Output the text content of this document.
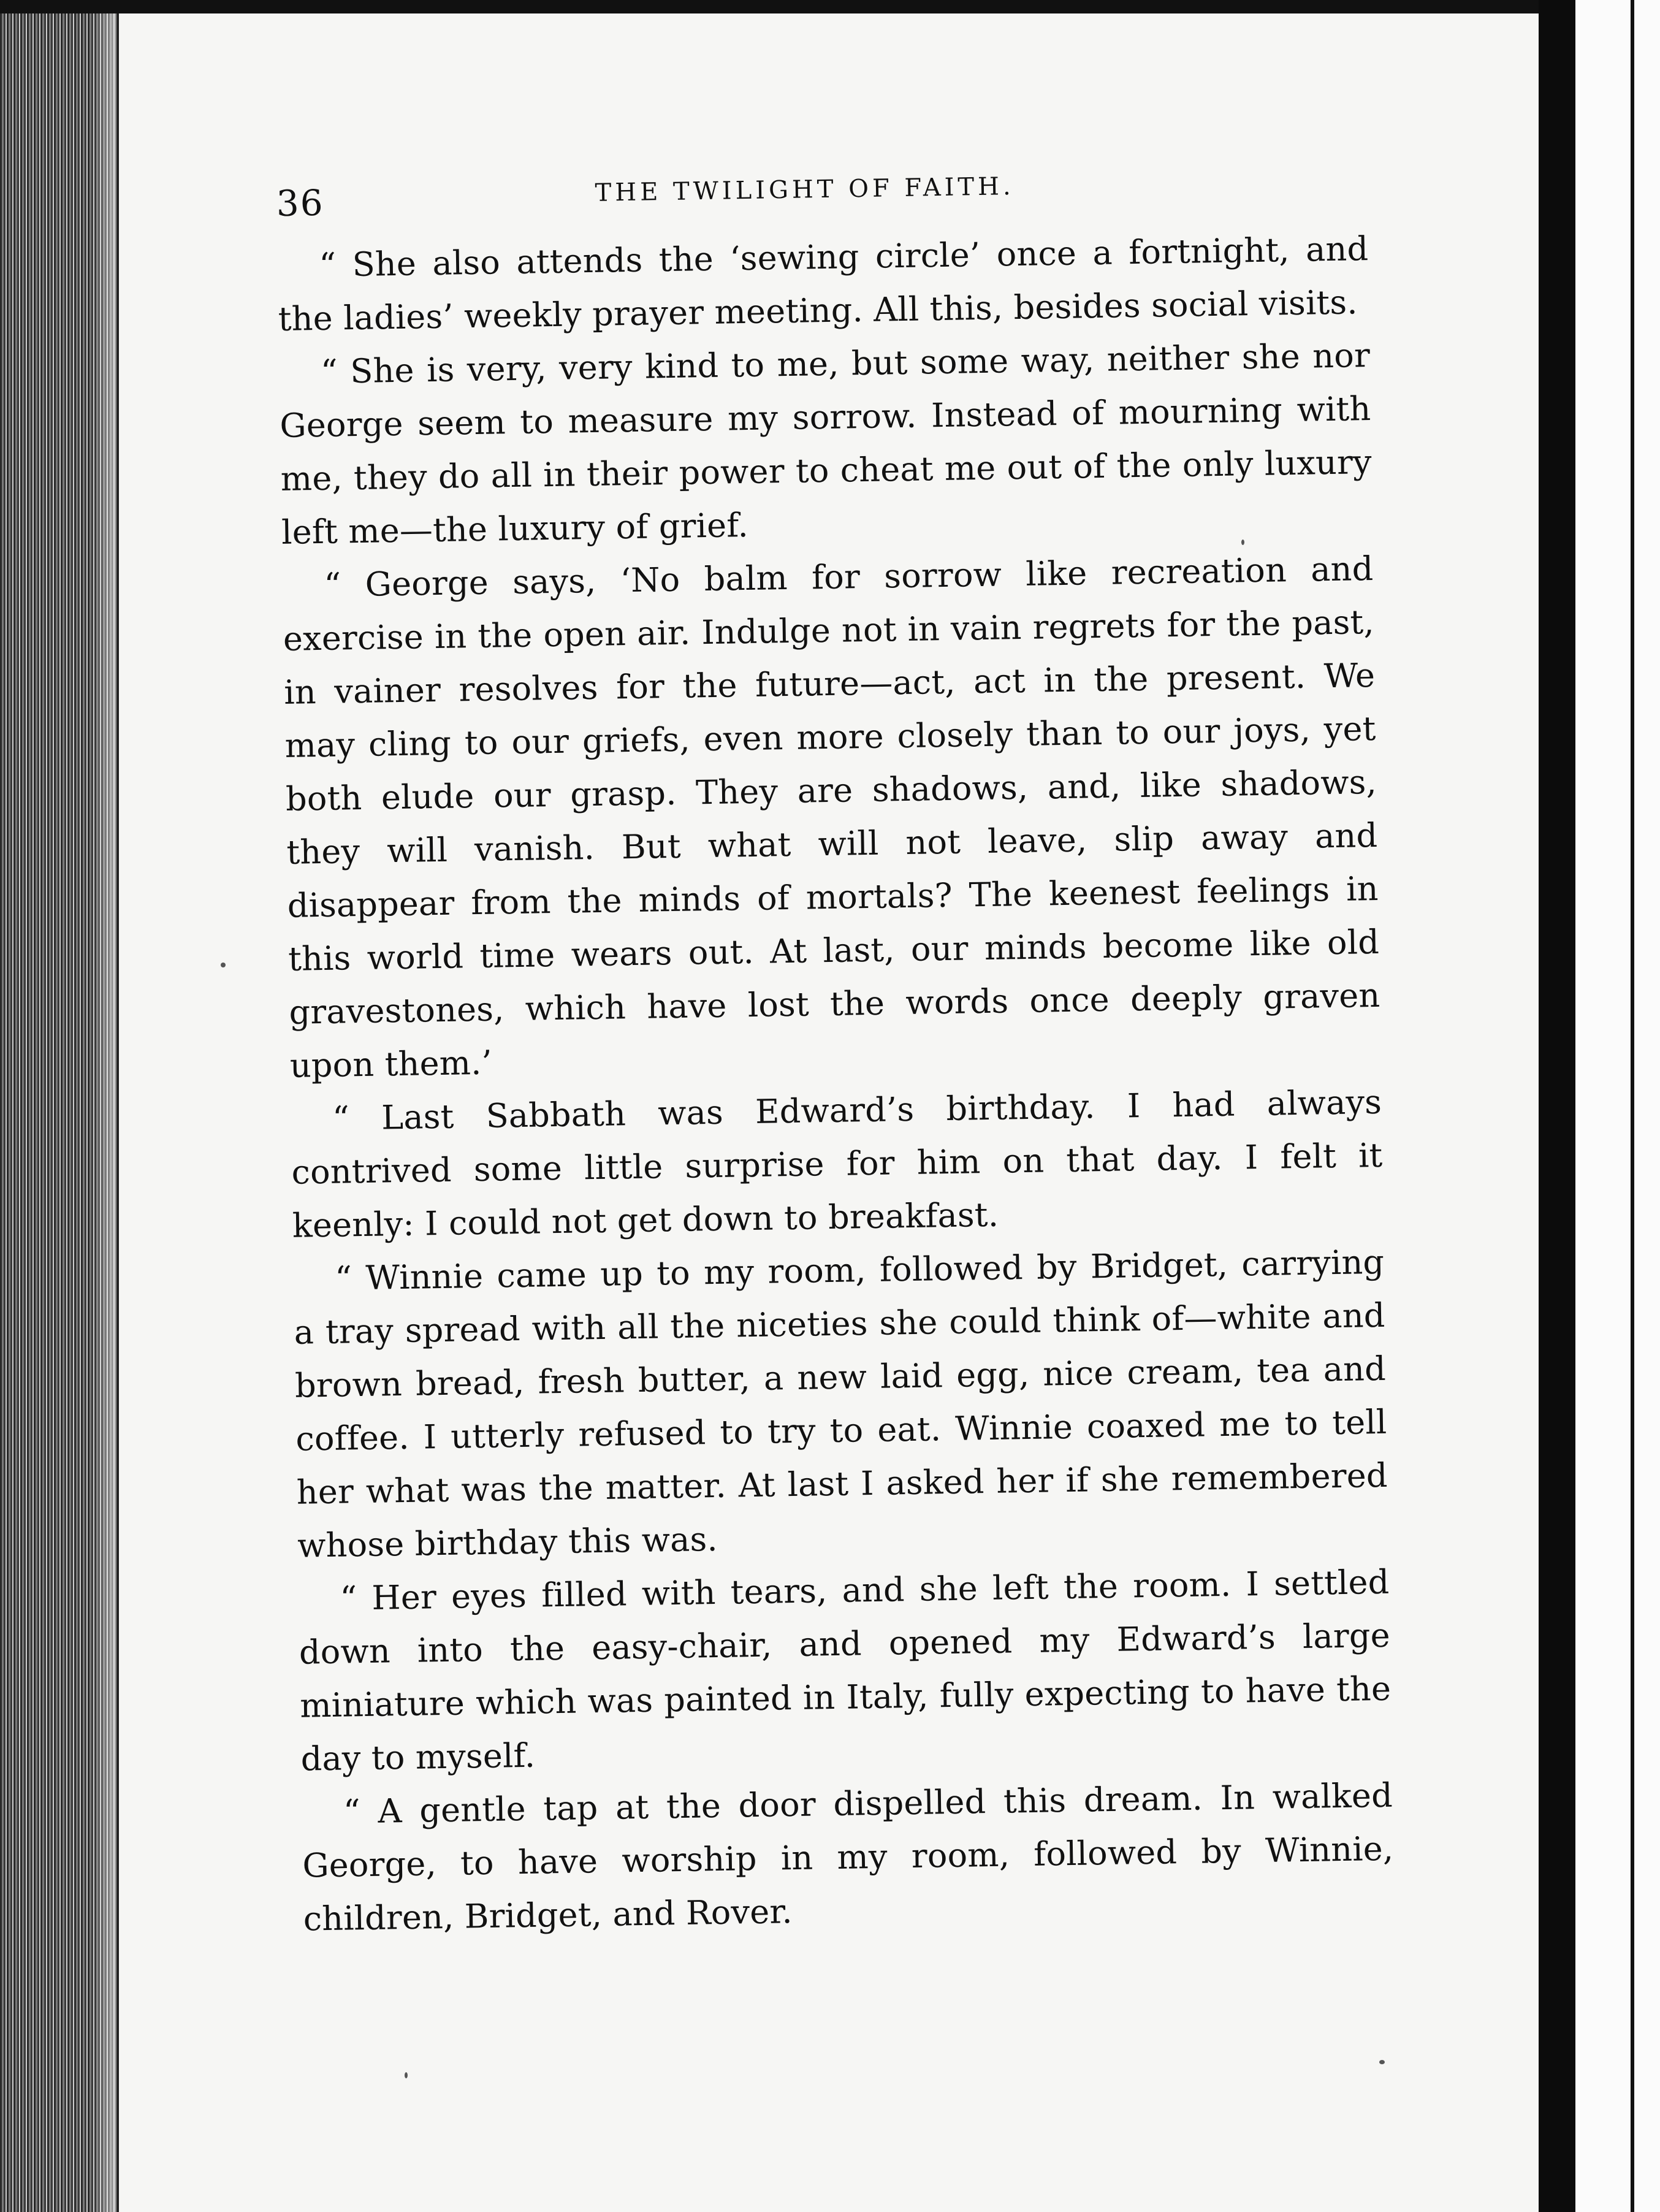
36	THE TWILIGHT OF FAITH.

“ She also attends the ‘sewing circle’ once a fortnight, and the ladies’ weekly prayer meeting. All this, besides social visits.

“ She is very, very kind to me, but some way, neither she nor George seem to measure my sorrow. Instead of mourning with me, they do all in their power to cheat me out of the only luxury left me—the luxury of grief.

“ George says, ‘No balm for sorrow like recreation and exercise in the open air. Indulge not in vain regrets for the past, in vainer resolves for the future—act, act in the present. We may cling to our griefs, even more closely than to our joys, yet both elude our grasp. They are shadows, and, like shadows, they will vanish. But what will not leave, slip away and disappear from the minds of mortals? The keenest feelings in this world time wears out. At last, our minds become like old gravestones, which have lost the words once deeply graven upon them.’

“ Last Sabbath was Edward’s birthday. I had always contrived some little surprise for him on that day. I felt it keenly: I could not get down to breakfast.

“ Winnie came up to my room, followed by Bridget, carrying a tray spread with all the niceties she could think of—white and brown bread, fresh butter, a new laid egg, nice cream, tea and coffee. I utterly refused to try to eat. Winnie coaxed me to tell her what was the matter. At last I asked her if she remembered whose birthday this was.

“ Her eyes filled with tears, and she left the room. I settled down into the easy-chair, and opened my Edward’s large miniature which was painted in Italy, fully expecting to have the day to myself.

“ A gentle tap at the door dispelled this dream. In walked George, to have worship in my room, followed by Winnie, children, Bridget, and Rover.
